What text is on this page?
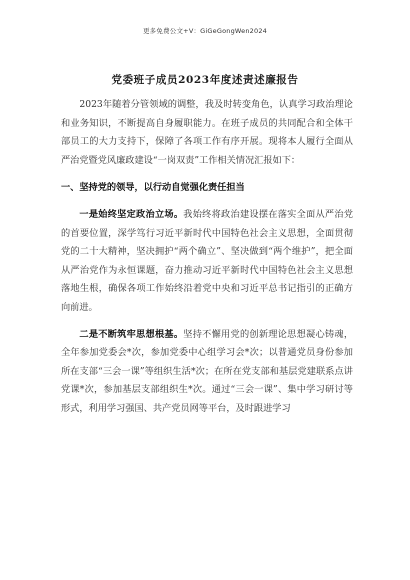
更多免费公文+V：GiGeGongWen2024
党委班子成员2023年度述责述廉报告

2023年随着分管领域的调整，我及时转变角色，认真学习政治理论和业务知识，不断提高自身履职能力。在班子成员的共同配合和全体干部员工的大力支持下，保障了各项工作有序开展。现将本人履行全面从严治党暨党风廉政建设“一岗双责”工作相关情况汇报如下：

一、坚持党的领导，以行动自觉强化责任担当

一是始终坚定政治立场。我始终将政治建设摆在落实全面从严治党的首要位置，深学笃行习近平新时代中国特色社会主义思想，全面贯彻党的二十大精神，坚决拥护“两个确立”、坚决做到“两个维护”，把全面从严治党作为永恒课题，奋力推动习近平新时代中国特色社会主义思想落地生根，确保各项工作始终沿着党中央和习近平总书记指引的正确方向前进。

二是不断筑牢思想根基。坚持不懈用党的创新理论思想凝心铸魂，全年参加党委会*次，参加党委中心组学习会*次；以普通党员身份参加所在支部“三会一课”等组织生活*次；在所在党支部和基层党建联系点讲党课*次，参加基层支部组织生*次。通过“三会一课”、集中学习研讨等形式，利用学习强国、共产党员网等平台，及时跟进学习
